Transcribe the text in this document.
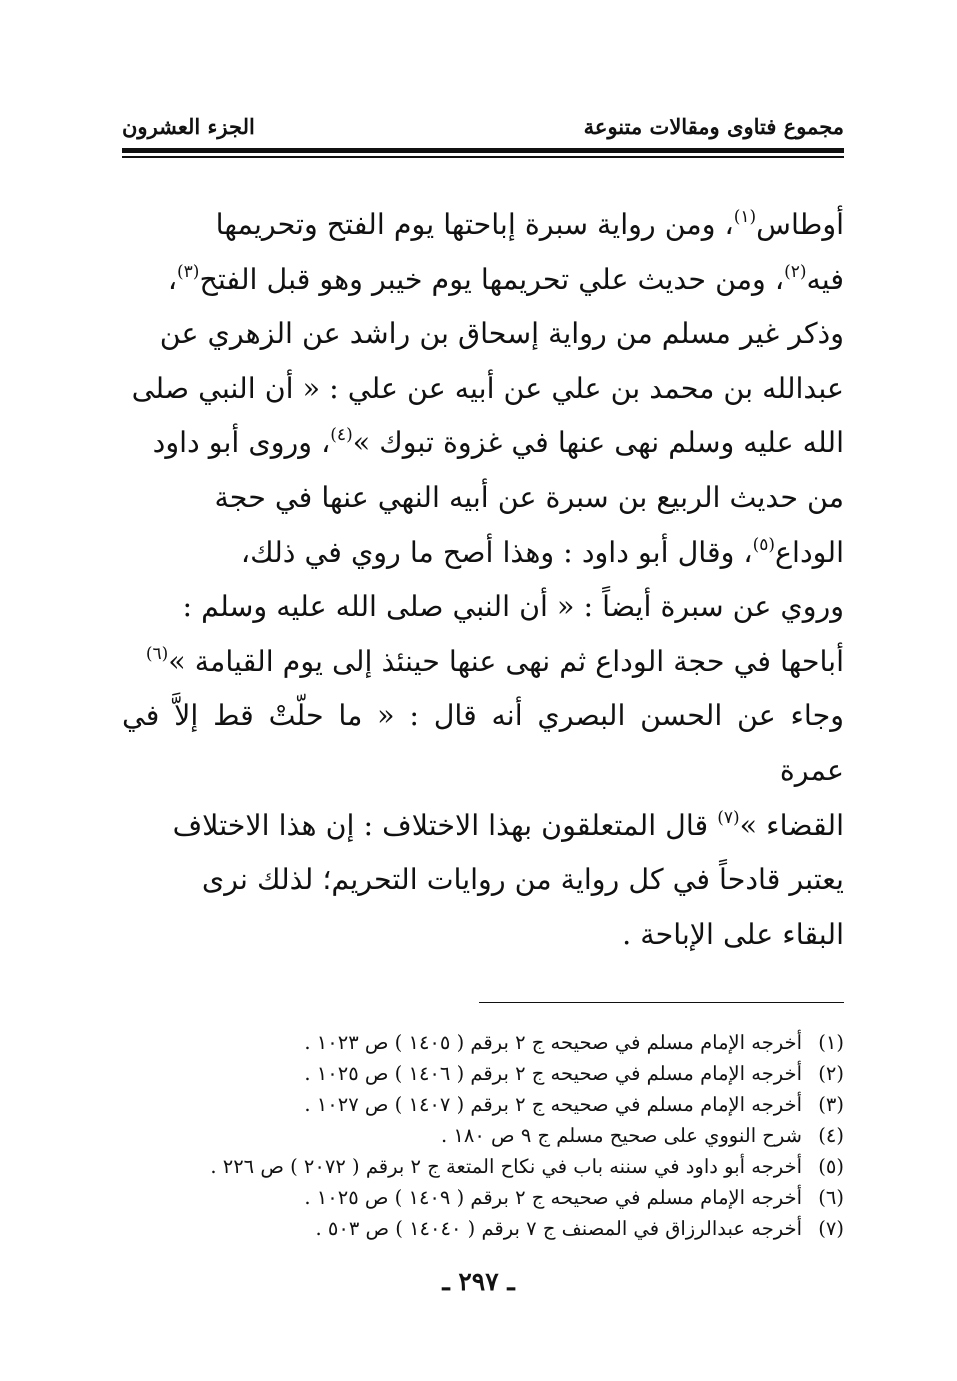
مجموع فتاوى ومقالات متنوعة
الجزء العشرون

أوطاس$^{(١)}$، ومن رواية سبرة إباحتها يوم الفتح وتحريمها

فيه$^{(٢)}$، ومن حديث علي تحريمها يوم خيبر وهو قبل الفتح$^{(٣)}$،

وذكر غير مسلم من رواية إسحاق بن راشد عن الزهري عن

عبدالله بن محمد بن علي عن أبيه عن علي : « أن النبي صلى

الله عليه وسلم نهى عنها في غزوة تبوك »$^{(٤)}$، وروى أبو داود

من حديث الربيع بن سبرة عن أبيه النهي عنها في حجة

الوداع$^{(٥)}$، وقال أبو داود : وهذا أصح ما روي في ذلك،

وروي عن سبرة أيضاً : « أن النبي صلى الله عليه وسلم :

أباحها في حجة الوداع ثم نهى عنها حينئذ إلى يوم القيامة »$^{(٦)}$

وجاء عن الحسن البصري أنه قال : « ما حلّتْ قط إلاَّ في عمرة

القضاء »$^{(٧)}$ قال المتعلقون بهذا الاختلاف : إن هذا الاختلاف

يعتبر قادحاً في كل رواية من روايات التحريم؛ لذلك نرى

البقاء على الإباحة .

(١)
أخرجه الإمام مسلم في صحيحه ج ٢ برقم ( ١٤٠٥ ) ص ١٠٢٣ .
(٢)
أخرجه الإمام مسلم في صحيحه ج ٢ برقم ( ١٤٠٦ ) ص ١٠٢٥ .
(٣)
أخرجه الإمام مسلم في صحيحه ج ٢ برقم ( ١٤٠٧ ) ص ١٠٢٧ .
(٤)
شرح النووي على صحيح مسلم ج ٩ ص ١٨٠ .
(٥)
أخرجه أبو داود في سننه باب في نكاح المتعة ج ٢ برقم ( ٢٠٧٢ ) ص ٢٢٦ .
(٦)
أخرجه الإمام مسلم في صحيحه ج ٢ برقم ( ١٤٠٩ ) ص ١٠٢٥ .
(٧)
أخرجه عبدالرزاق في المصنف ج ٧ برقم ( ١٤٠٤٠ ) ص ٥٠٣ .
ـ ٢٩٧ ـ
